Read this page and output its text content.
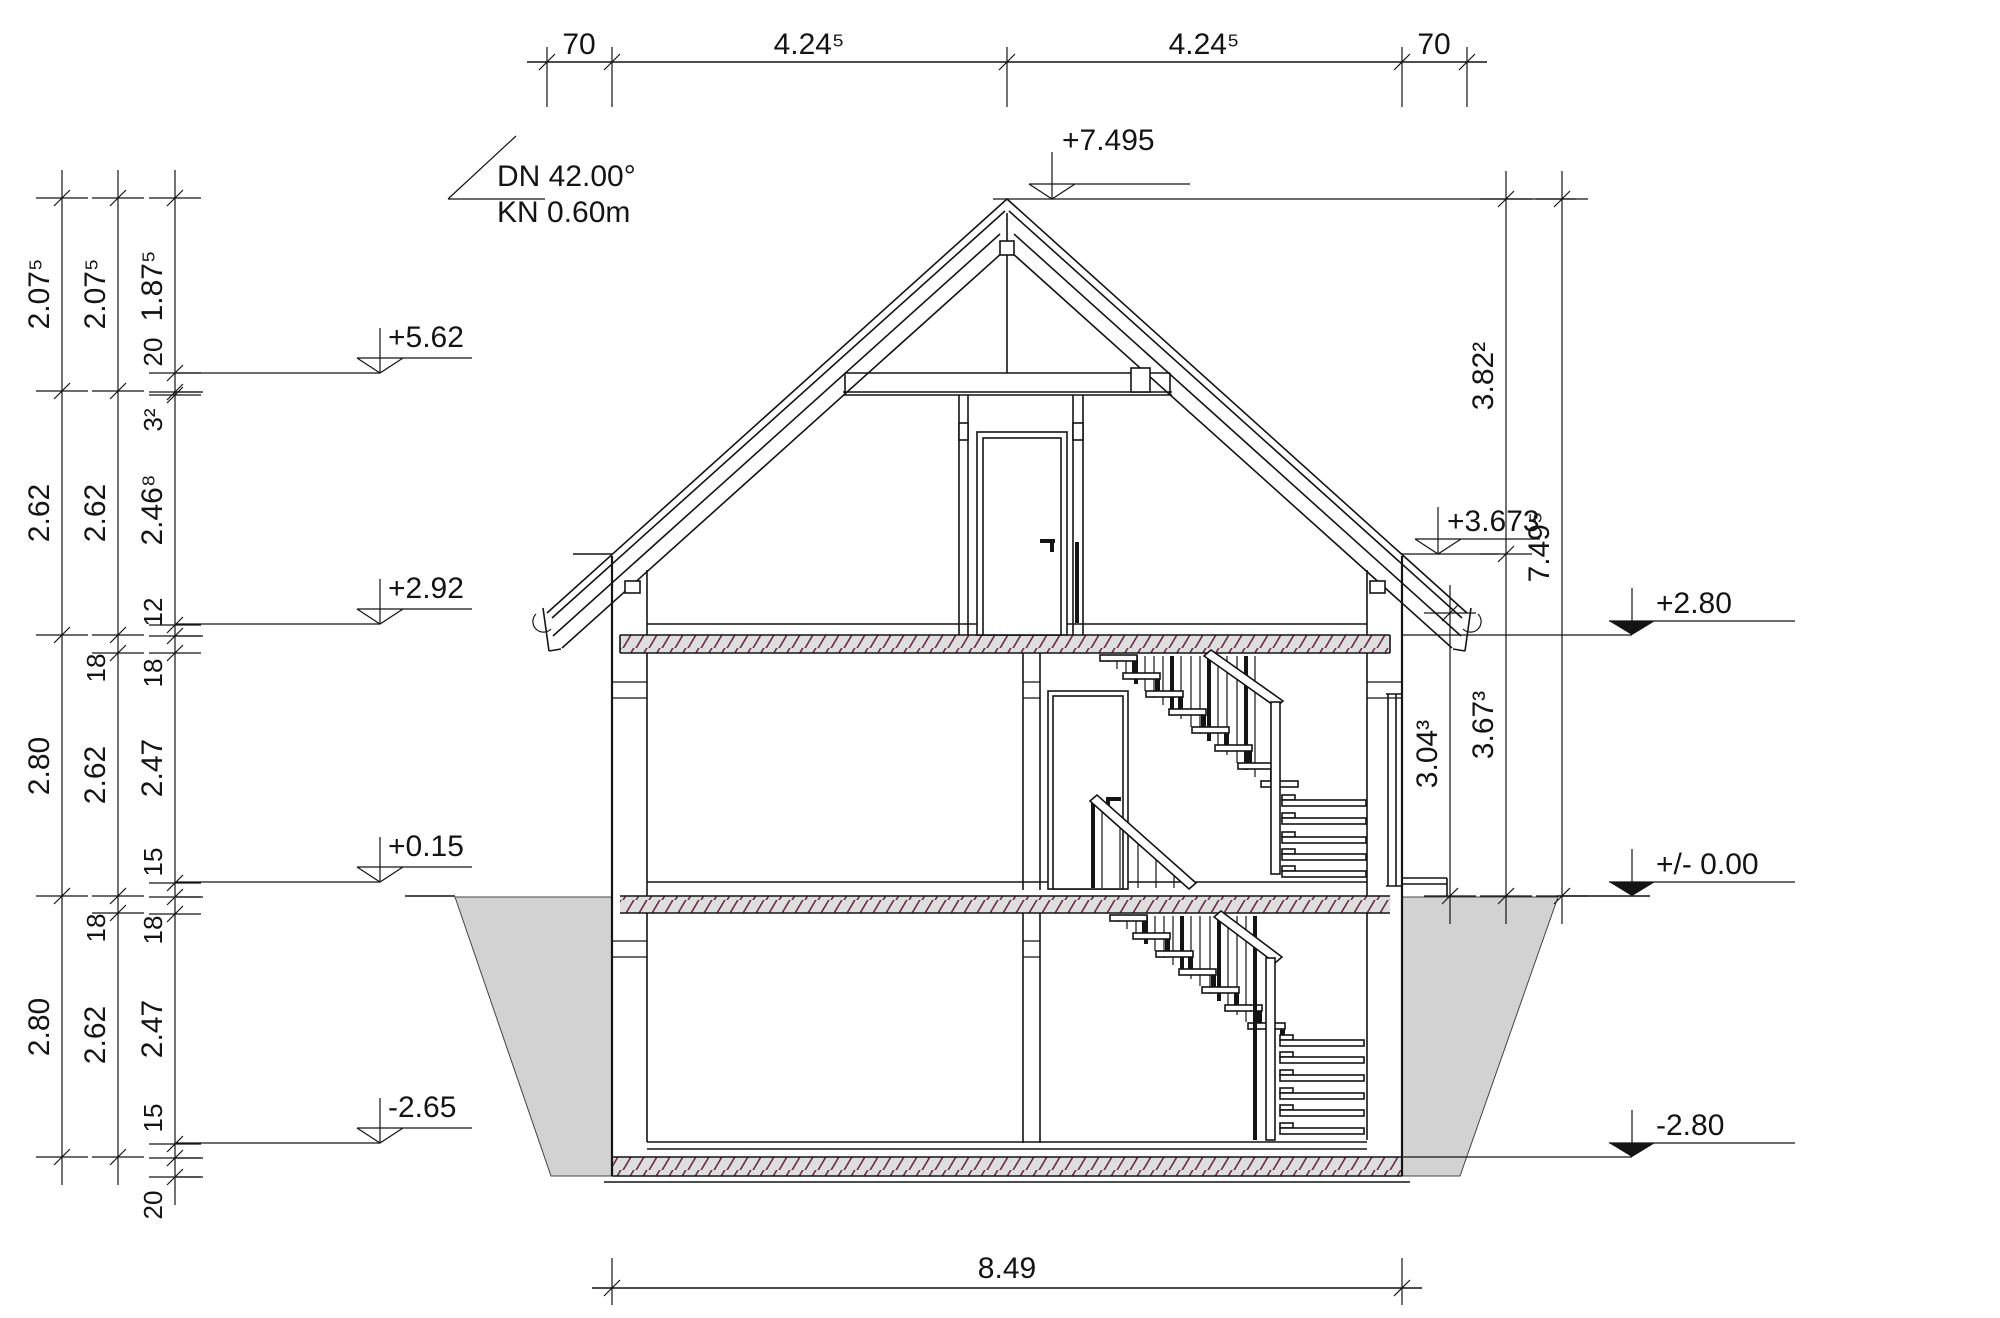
70	4.24⁵	4.24⁵	70
8.49
DN 42.00°
KN 0.60m
2.07⁵
2.62
2.80
2.80
2.07⁵
2.62
18
2.62
18
2.62
1.87⁵
20
3²
2.46⁸
12
18
2.47
15
18
2.47
15
20
3.04³
3.82²
3.67³
7.49⁵
+7.495
+5.62
+2.92
+0.15
-2.65
+3.673
+2.80
+/- 0.00
-2.80
